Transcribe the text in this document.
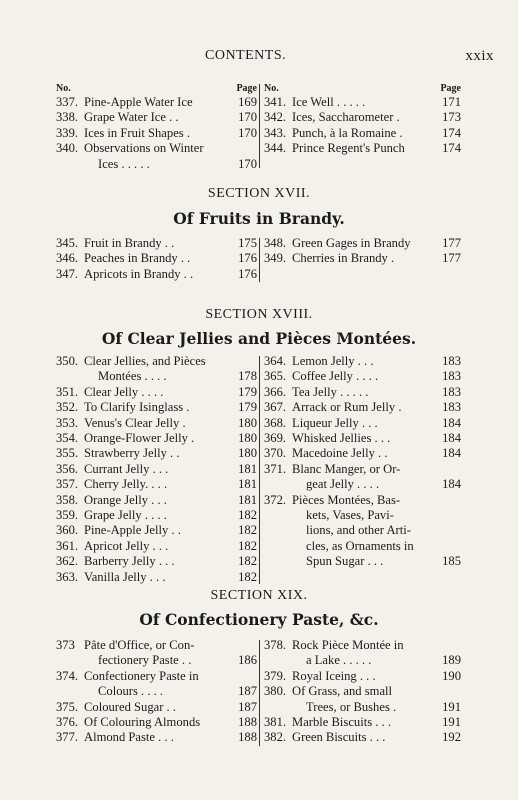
CONTENTS.	xxix
No.	Page
337. Pine-Apple Water Ice	169
338. Grape Water Ice . .	170
339. Ices in Fruit Shapes .	170
340. Observations on Winter
Ices . . . . .	170
No.	Page
341. Ice Well . . . . .	171
342. Ices, Saccharometer .	173
343. Punch, à la Romaine .	174
344. Prince Regent's Punch	174
SECTION XVII.
Of Fruits in Brandy.
345. Fruit in Brandy . .	175
346. Peaches in Brandy . .	176
347. Apricots in Brandy . .	176
348. Green Gages in Brandy	177
349. Cherries in Brandy .	177
SECTION XVIII.
Of Clear Jellies and Pièces Montées.
350. Clear Jellies, and Pièces
Montées . . . .	178
351. Clear Jelly . . . .	179
352. To Clarify Isinglass .	179
353. Venus's Clear Jelly .	180
354. Orange-Flower Jelly .	180
355. Strawberry Jelly . .	180
356. Currant Jelly . . .	181
357. Cherry Jelly. . . .	181
358. Orange Jelly . . .	181
359. Grape Jelly . . . .	182
360. Pine-Apple Jelly . .	182
361. Apricot Jelly . . .	182
362. Barberry Jelly . . .	182
363. Vanilla Jelly . . .	182
364. Lemon Jelly . . .	183
365. Coffee Jelly . . . .	183
366. Tea Jelly . . . . .	183
367. Arrack or Rum Jelly .	183
368. Liqueur Jelly . . .	184
369. Whisked Jellies . . .	184
370. Macedoine Jelly . .	184
371. Blanc Manger, or Or-
geat Jelly . . . .	184
372. Pièces Montées, Bas-
kets, Vases, Pavi-
lions, and other Arti-
cles, as Ornaments in
Spun Sugar . . .	185
SECTION XIX.
Of Confectionery Paste, &c.
373 Pâte d'Office, or Con-
fectionery Paste . .	186
374. Confectionery Paste in
Colours . . . .	187
375. Coloured Sugar . .	187
376. Of Colouring Almonds	188
377. Almond Paste . . .	188
378. Rock Pièce Montée in
a Lake . . . . .	189
379. Royal Iceing . . .	190
380. Of Grass, and small
Trees, or Bushes .	191
381. Marble Biscuits . . .	191
382. Green Biscuits . . .	192
